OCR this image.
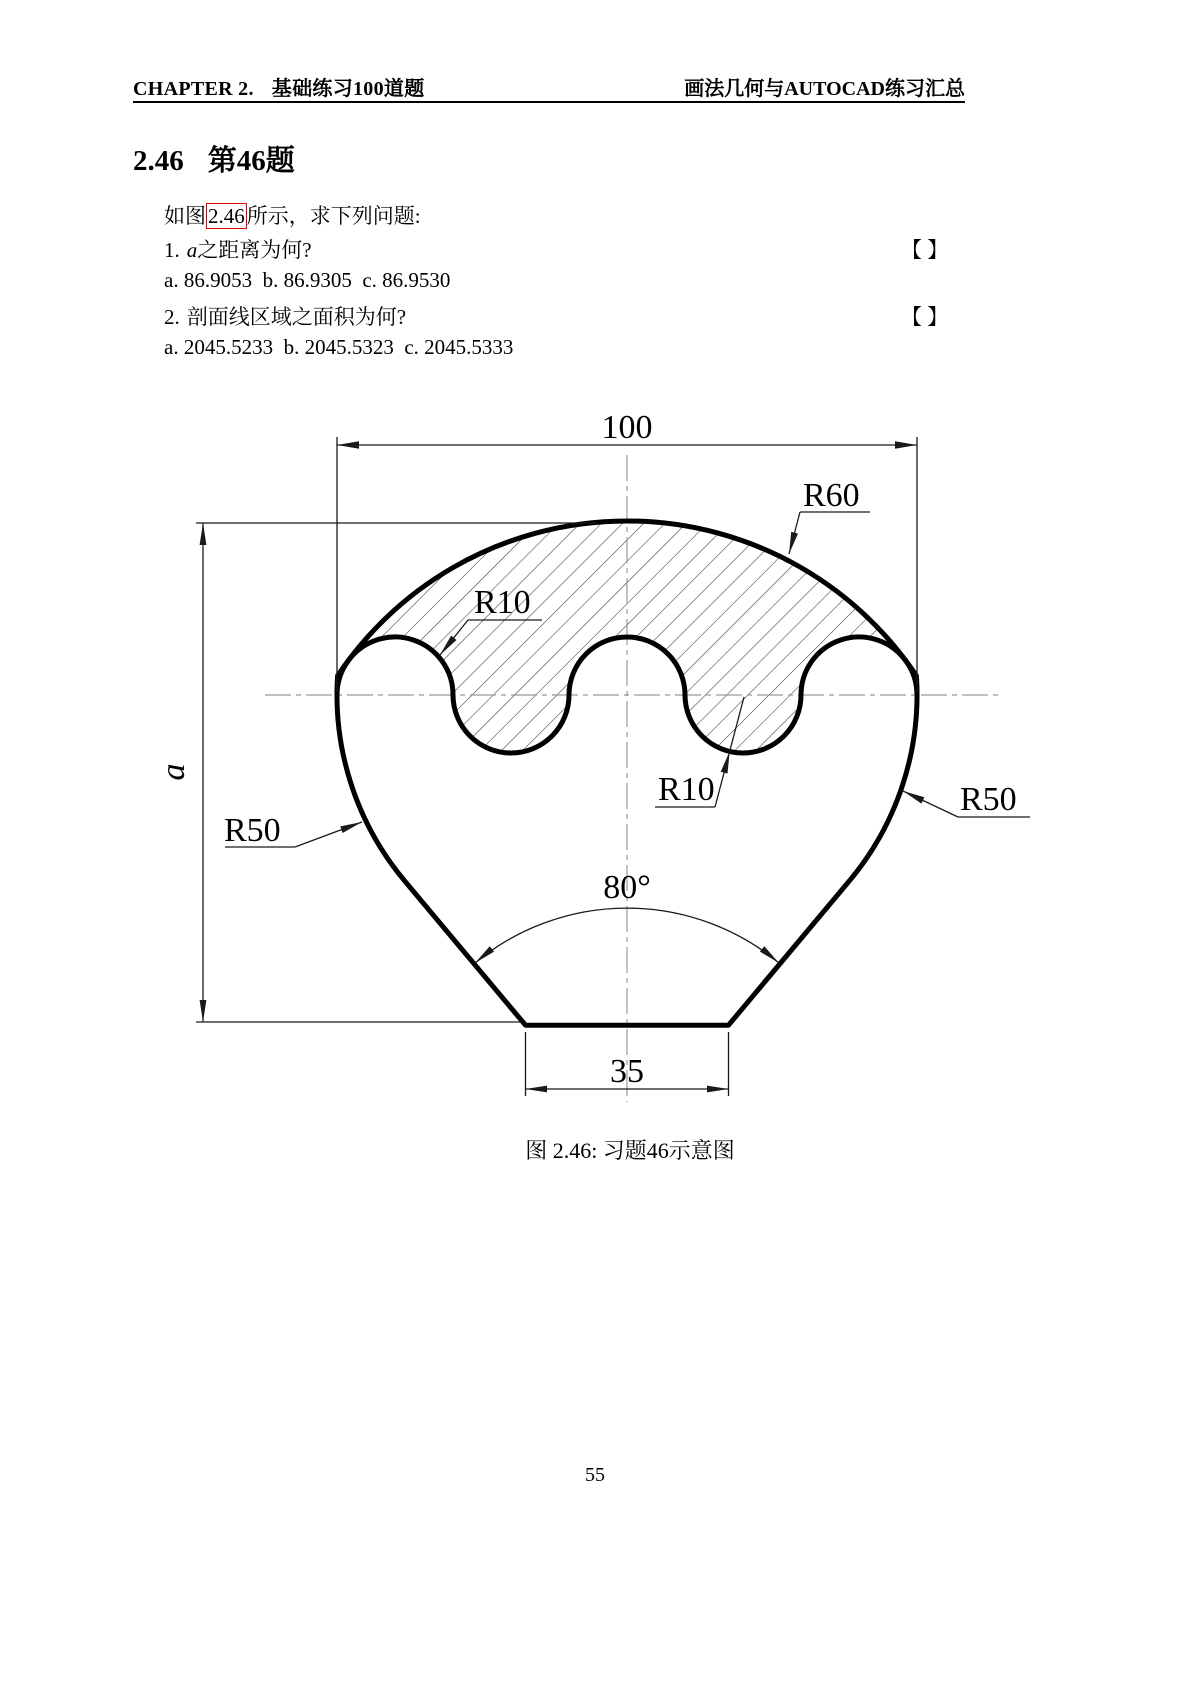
CHAPTER 2. 基础练习100道题	画法几何与AUTOCAD练习汇总
2.46 第46题
如图2.46所示，求下列问题:
1. a之距离为何?	【 】
a. 86.9053  b. 86.9305  c. 86.9530
2. 剖面线区域之面积为何?	【 】
a. 2045.5233  b. 2045.5323  c. 2045.5333
100
a
35
80°
R60
R10
R10
R50
R50
图 2.46: 习题46示意图
55
